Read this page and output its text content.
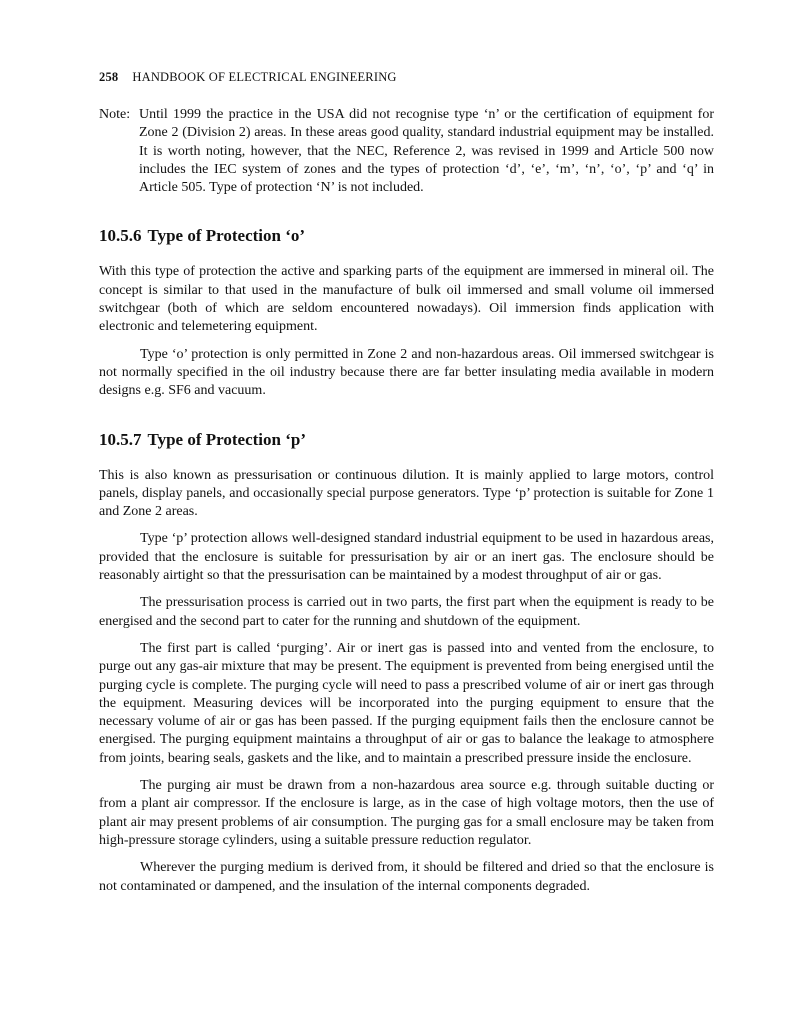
258 HANDBOOK OF ELECTRICAL ENGINEERING
Note: Until 1999 the practice in the USA did not recognise type ‘n’ or the certification of equipment for Zone 2 (Division 2) areas. In these areas good quality, standard industrial equipment may be installed. It is worth noting, however, that the NEC, Reference 2, was revised in 1999 and Article 500 now includes the IEC system of zones and the types of protection ‘d’, ‘e’, ‘m’, ‘n’, ‘o’, ‘p’ and ‘q’ in Article 505. Type of protection ‘N’ is not included.
10.5.6 Type of Protection ‘o’

With this type of protection the active and sparking parts of the equipment are immersed in mineral oil. The concept is similar to that used in the manufacture of bulk oil immersed and small volume oil immersed switchgear (both of which are seldom encountered nowadays). Oil immersion finds application with electronic and telemetering equipment.

Type ‘o’ protection is only permitted in Zone 2 and non-hazardous areas. Oil immersed switchgear is not normally specified in the oil industry because there are far better insulating media available in modern designs e.g. SF6 and vacuum.

10.5.7 Type of Protection ‘p’

This is also known as pressurisation or continuous dilution. It is mainly applied to large motors, control panels, display panels, and occasionally special purpose generators. Type ‘p’ protection is suitable for Zone 1 and Zone 2 areas.

Type ‘p’ protection allows well-designed standard industrial equipment to be used in hazardous areas, provided that the enclosure is suitable for pressurisation by air or an inert gas. The enclosure should be reasonably airtight so that the pressurisation can be maintained by a modest throughput of air or gas.

The pressurisation process is carried out in two parts, the first part when the equipment is ready to be energised and the second part to cater for the running and shutdown of the equipment.

The first part is called ‘purging’. Air or inert gas is passed into and vented from the enclosure, to purge out any gas-air mixture that may be present. The equipment is prevented from being energised until the purging cycle is complete. The purging cycle will need to pass a prescribed volume of air or inert gas through the equipment. Measuring devices will be incorporated into the purging equipment to ensure that the necessary volume of air or gas has been passed. If the purging equipment fails then the enclosure cannot be energised. The purging equipment maintains a throughput of air or gas to balance the leakage to atmosphere from joints, bearing seals, gaskets and the like, and to maintain a prescribed pressure inside the enclosure.

The purging air must be drawn from a non-hazardous area source e.g. through suitable ducting or from a plant air compressor. If the enclosure is large, as in the case of high voltage motors, then the use of plant air may present problems of air consumption. The purging gas for a small enclosure may be taken from high-pressure storage cylinders, using a suitable pressure reduction regulator.

Wherever the purging medium is derived from, it should be filtered and dried so that the enclosure is not contaminated or dampened, and the insulation of the internal components degraded.
